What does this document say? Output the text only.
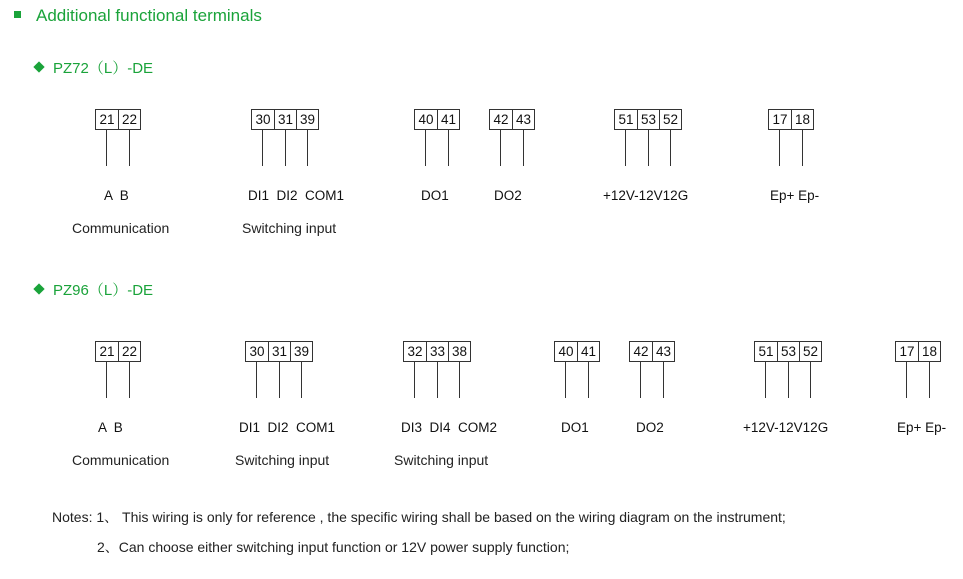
Additional functional terminals
PZ72（L）-DE
PZ96（L）-DE
21 22
A  B
Communication
30 31 39
DI1  DI2  COM1
Switching input
40 41
DO1
42 43
DO2
51 53 52
+12V-12V12G
17 18
Ep+ Ep-
21 22
A  B
Communication
30 31 39
DI1  DI2  COM1
Switching input
32 33 38
DI3  DI4  COM2
Switching input
40 41
DO1
42 43
DO2
51 53 52
+12V-12V12G
17 18
Ep+ Ep-
Notes: 1、 This wiring is only for reference , the specific wiring shall be based on the wiring diagram on the instrument;
2、Can choose either switching input function or 12V power supply function;
